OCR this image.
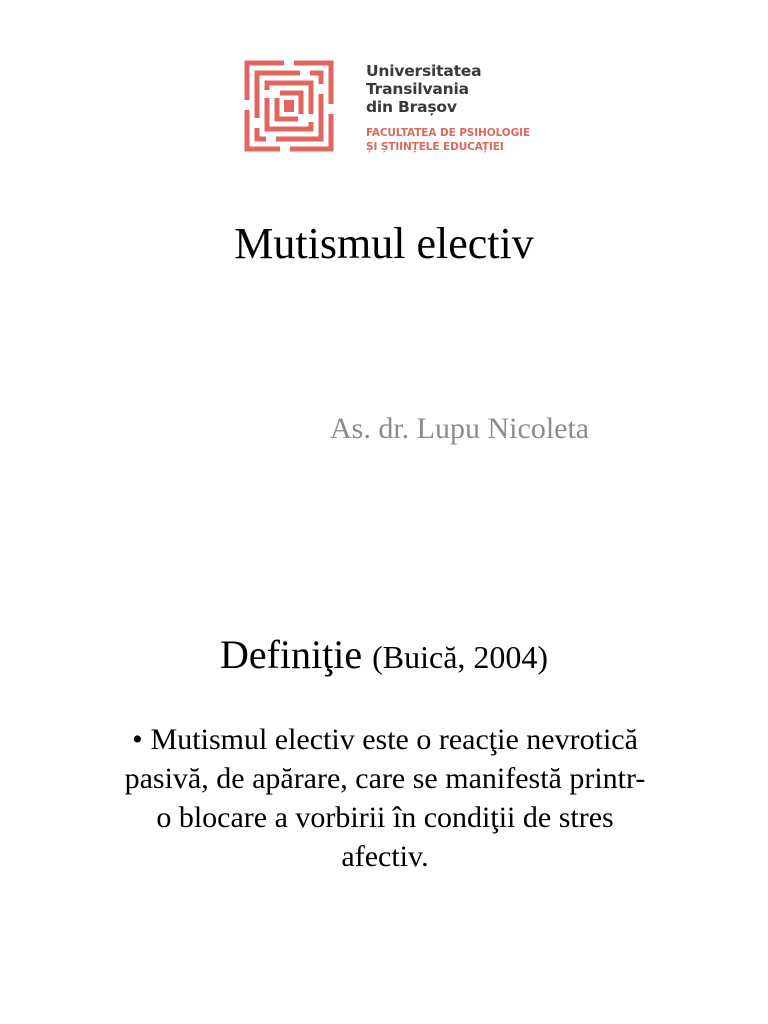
Universitatea
Transilvania
din Brașov
FACULTATEA DE PSIHOLOGIE
ȘI ȘTIINȚELE EDUCAȚIEI
Mutismul electiv
As. dr. Lupu Nicoleta
Definiţie (Buică, 2004)
• Mutismul electiv este o reacţie nevrotică
pasivă, de apărare, care se manifestă printr-
o blocare a vorbirii în condiţii de stres
afectiv.
